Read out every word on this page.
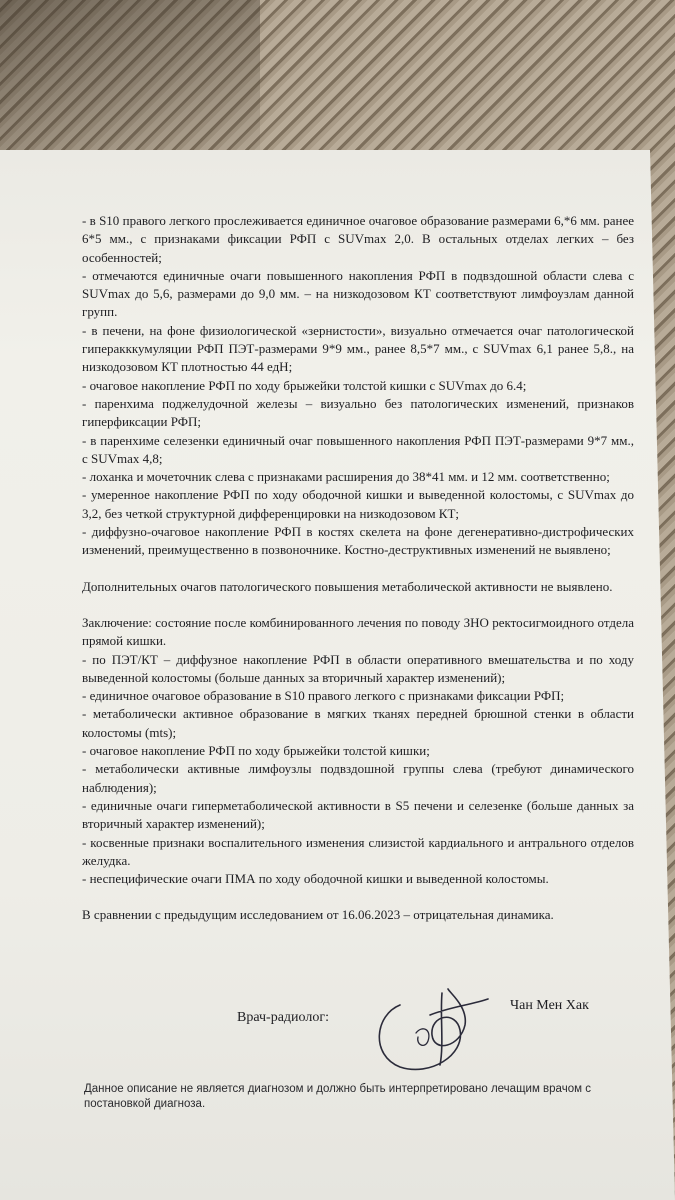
- в S10 правого легкого прослеживается единичное очаговое образование размерами 6,*6 мм. ранее 6*5 мм., с признаками фиксации РФП с SUVmax 2,0. В остальных отделах легких – без особенностей;

- отмечаются единичные очаги повышенного накопления РФП в подвздошной области слева с SUVmax до 5,6, размерами до 9,0 мм. – на низкодозовом КТ соответствуют лимфоузлам данной групп.

- в печени, на фоне физиологической «зернистости», визуально отмечается очаг патологической гиперакккумуляции РФП ПЭТ-размерами 9*9 мм., ранее 8,5*7 мм., с SUVmax 6,1 ранее 5,8., на низкодозовом КТ плотностью 44 едН;

- очаговое накопление РФП по ходу брыжейки толстой кишки с SUVmax до 6.4;

- паренхима поджелудочной железы – визуально без патологических изменений, признаков гиперфиксации РФП;

- в паренхиме селезенки единичный очаг повышенного накопления РФП ПЭТ-размерами 9*7 мм., с SUVmax 4,8;

- лоханка и мочеточник слева с признаками расширения до 38*41 мм. и 12 мм. соответственно;

- умеренное накопление РФП по ходу ободочной кишки и выведенной колостомы, с SUVmax до 3,2, без четкой структурной дифференцировки на низкодозовом КТ;

- диффузно-очаговое накопление РФП в костях скелета на фоне дегенеративно-дистрофических изменений, преимущественно в позвоночнике. Костно-деструктивных изменений не выявлено;

Дополнительных очагов патологического повышения метаболической активности не выявлено.

Заключение: состояние после комбинированного лечения по поводу ЗНО ректосигмоидного отдела прямой кишки.

- по ПЭТ/КТ – диффузное накопление РФП в области оперативного вмешательства и по ходу выведенной колостомы (больше данных за вторичный характер изменений);

- единичное очаговое образование в S10 правого легкого с признаками фиксации РФП;

- метаболически активное образование в мягких тканях передней брюшной стенки в области колостомы (mts);

- очаговое накопление РФП по ходу брыжейки толстой кишки;

- метаболически активные лимфоузлы подвздошной группы слева (требуют динамического наблюдения);

- единичные очаги гиперметаболической активности в S5 печени и селезенке (больше данных за вторичный характер изменений);

- косвенные признаки воспалительного изменения слизистой кардиального и антрального отделов желудка.

- неспецифические очаги ПМА по ходу ободочной кишки и выведенной колостомы.

В сравнении с предыдущим исследованием от 16.06.2023 – отрицательная динамика.

Врач-радиолог:
Чан Мен Хак
Данное описание не является диагнозом и должно быть интерпретировано лечащим врачом с постановкой диагноза.
